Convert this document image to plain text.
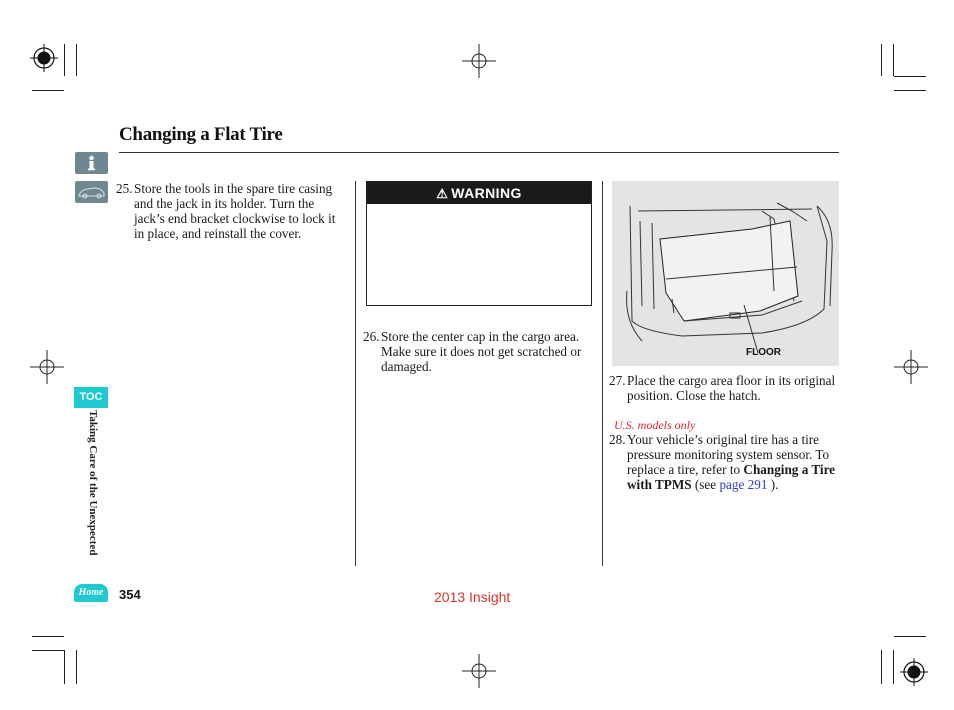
Changing a Flat Tire
TOC
Taking Care of the Unexpected
Home
25. Store the tools in the spare tire casing and the jack in its holder. Turn the jack’s end bracket clockwise to lock it in place, and reinstall the cover.
⚠ WARNING
26. Store the center cap in the cargo area. Make sure it does not get scratched or damaged.
FLOOR
27. Place the cargo area floor in its original position. Close the hatch.
U.S. models only
28. Your vehicle’s original tire has a tire pressure monitoring system sensor. To replace a tire, refer to Changing a Tire with TPMS (see page 291 ).
354	2013 Insight
